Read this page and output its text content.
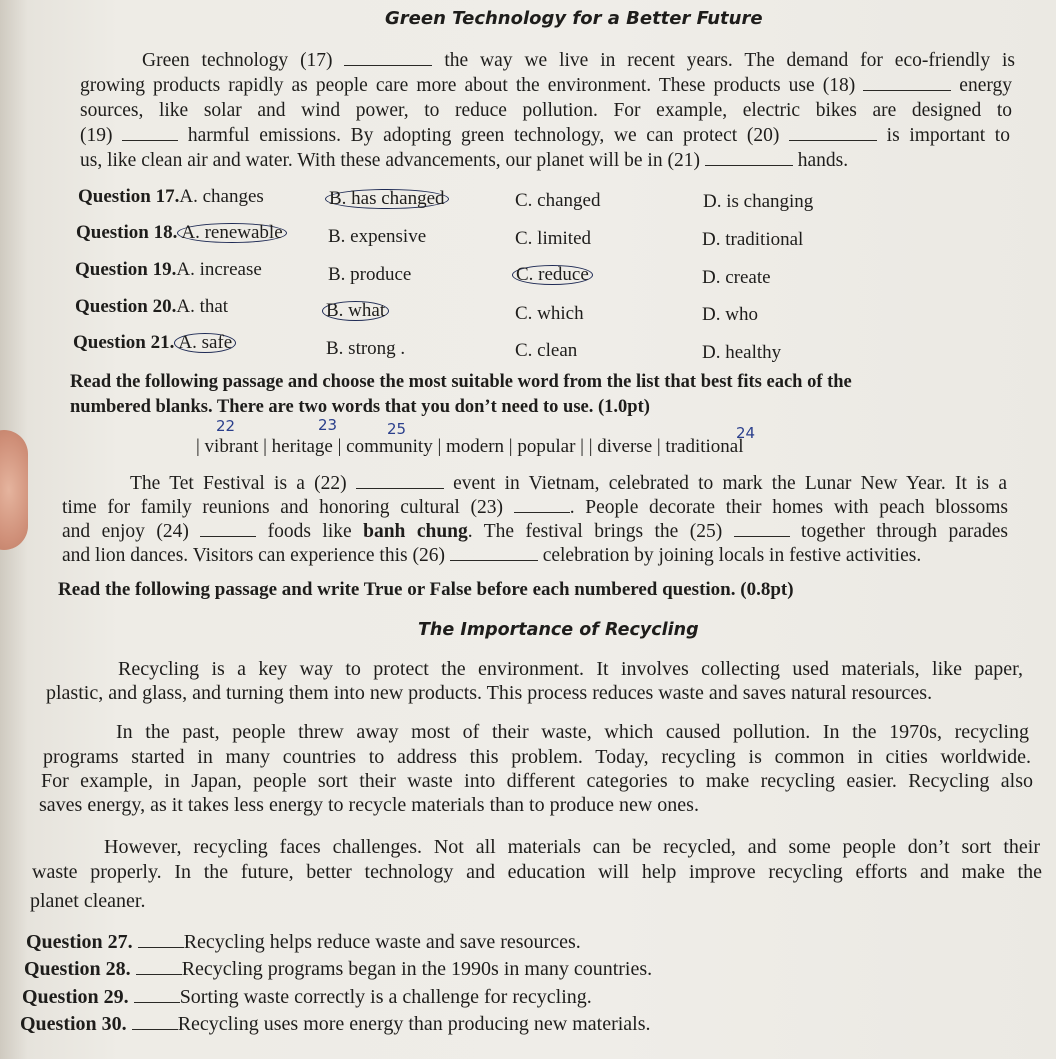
Green Technology for a Better Future
Green technology (17)	the way we live in recent years. The demand for eco-friendly is
growing products rapidly as people care more about the environment. These products use (18)	energy
sources, like solar and wind power, to reduce pollution. For example, electric bikes are designed to
(19)	harmful emissions. By adopting green technology, we can protect (20)	is important to
us, like clean air and water. With these advancements, our planet will be in (21)	hands.
Question 17.A. changes	B. has changed	C. changed	D. is changing
Question 18. A. renewable B. expensive	C. limited	D. traditional
Question 19.A. increase	B. produce	C. reduce	D. create
Question 20.A. that	B. what	C. which	D. who
Question 21. A. safe	B. strong .	C. clean	D. healthy
Read the following passage and choose the most suitable word from the list that best fits each of the
numbered blanks. There are two words that you don’t need to use. (1.0pt)
22	23	25	24
| vibrant | heritage | community | modern | popular | | diverse | traditional
The Tet Festival is a (22)	event in Vietnam, celebrated to mark the Lunar New Year. It is a
time for family reunions and honoring cultural (23)	. People decorate their homes with peach blossoms
and enjoy (24)	foods like banh chung. The festival brings the (25)	together through parades
and lion dances. Visitors can experience this (26)	celebration by joining locals in festive activities.
Read the following passage and write True or False before each numbered question. (0.8pt)
The Importance of Recycling
Recycling is a key way to protect the environment. It involves collecting used materials, like paper,
plastic, and glass, and turning them into new products. This process reduces waste and saves natural resources.
In the past, people threw away most of their waste, which caused pollution. In the 1970s, recycling
programs started in many countries to address this problem. Today, recycling is common in cities worldwide.
For example, in Japan, people sort their waste into different categories to make recycling easier. Recycling also
saves energy, as it takes less energy to recycle materials than to produce new ones.
However, recycling faces challenges. Not all materials can be recycled, and some people don’t sort their
waste properly. In the future, better technology and education will help improve recycling efforts and make the
planet cleaner.
Question 27.	Recycling helps reduce waste and save resources.
Question 28.	Recycling programs began in the 1990s in many countries.
Question 29.	Sorting waste correctly is a challenge for recycling.
Question 30.	Recycling uses more energy than producing new materials.
